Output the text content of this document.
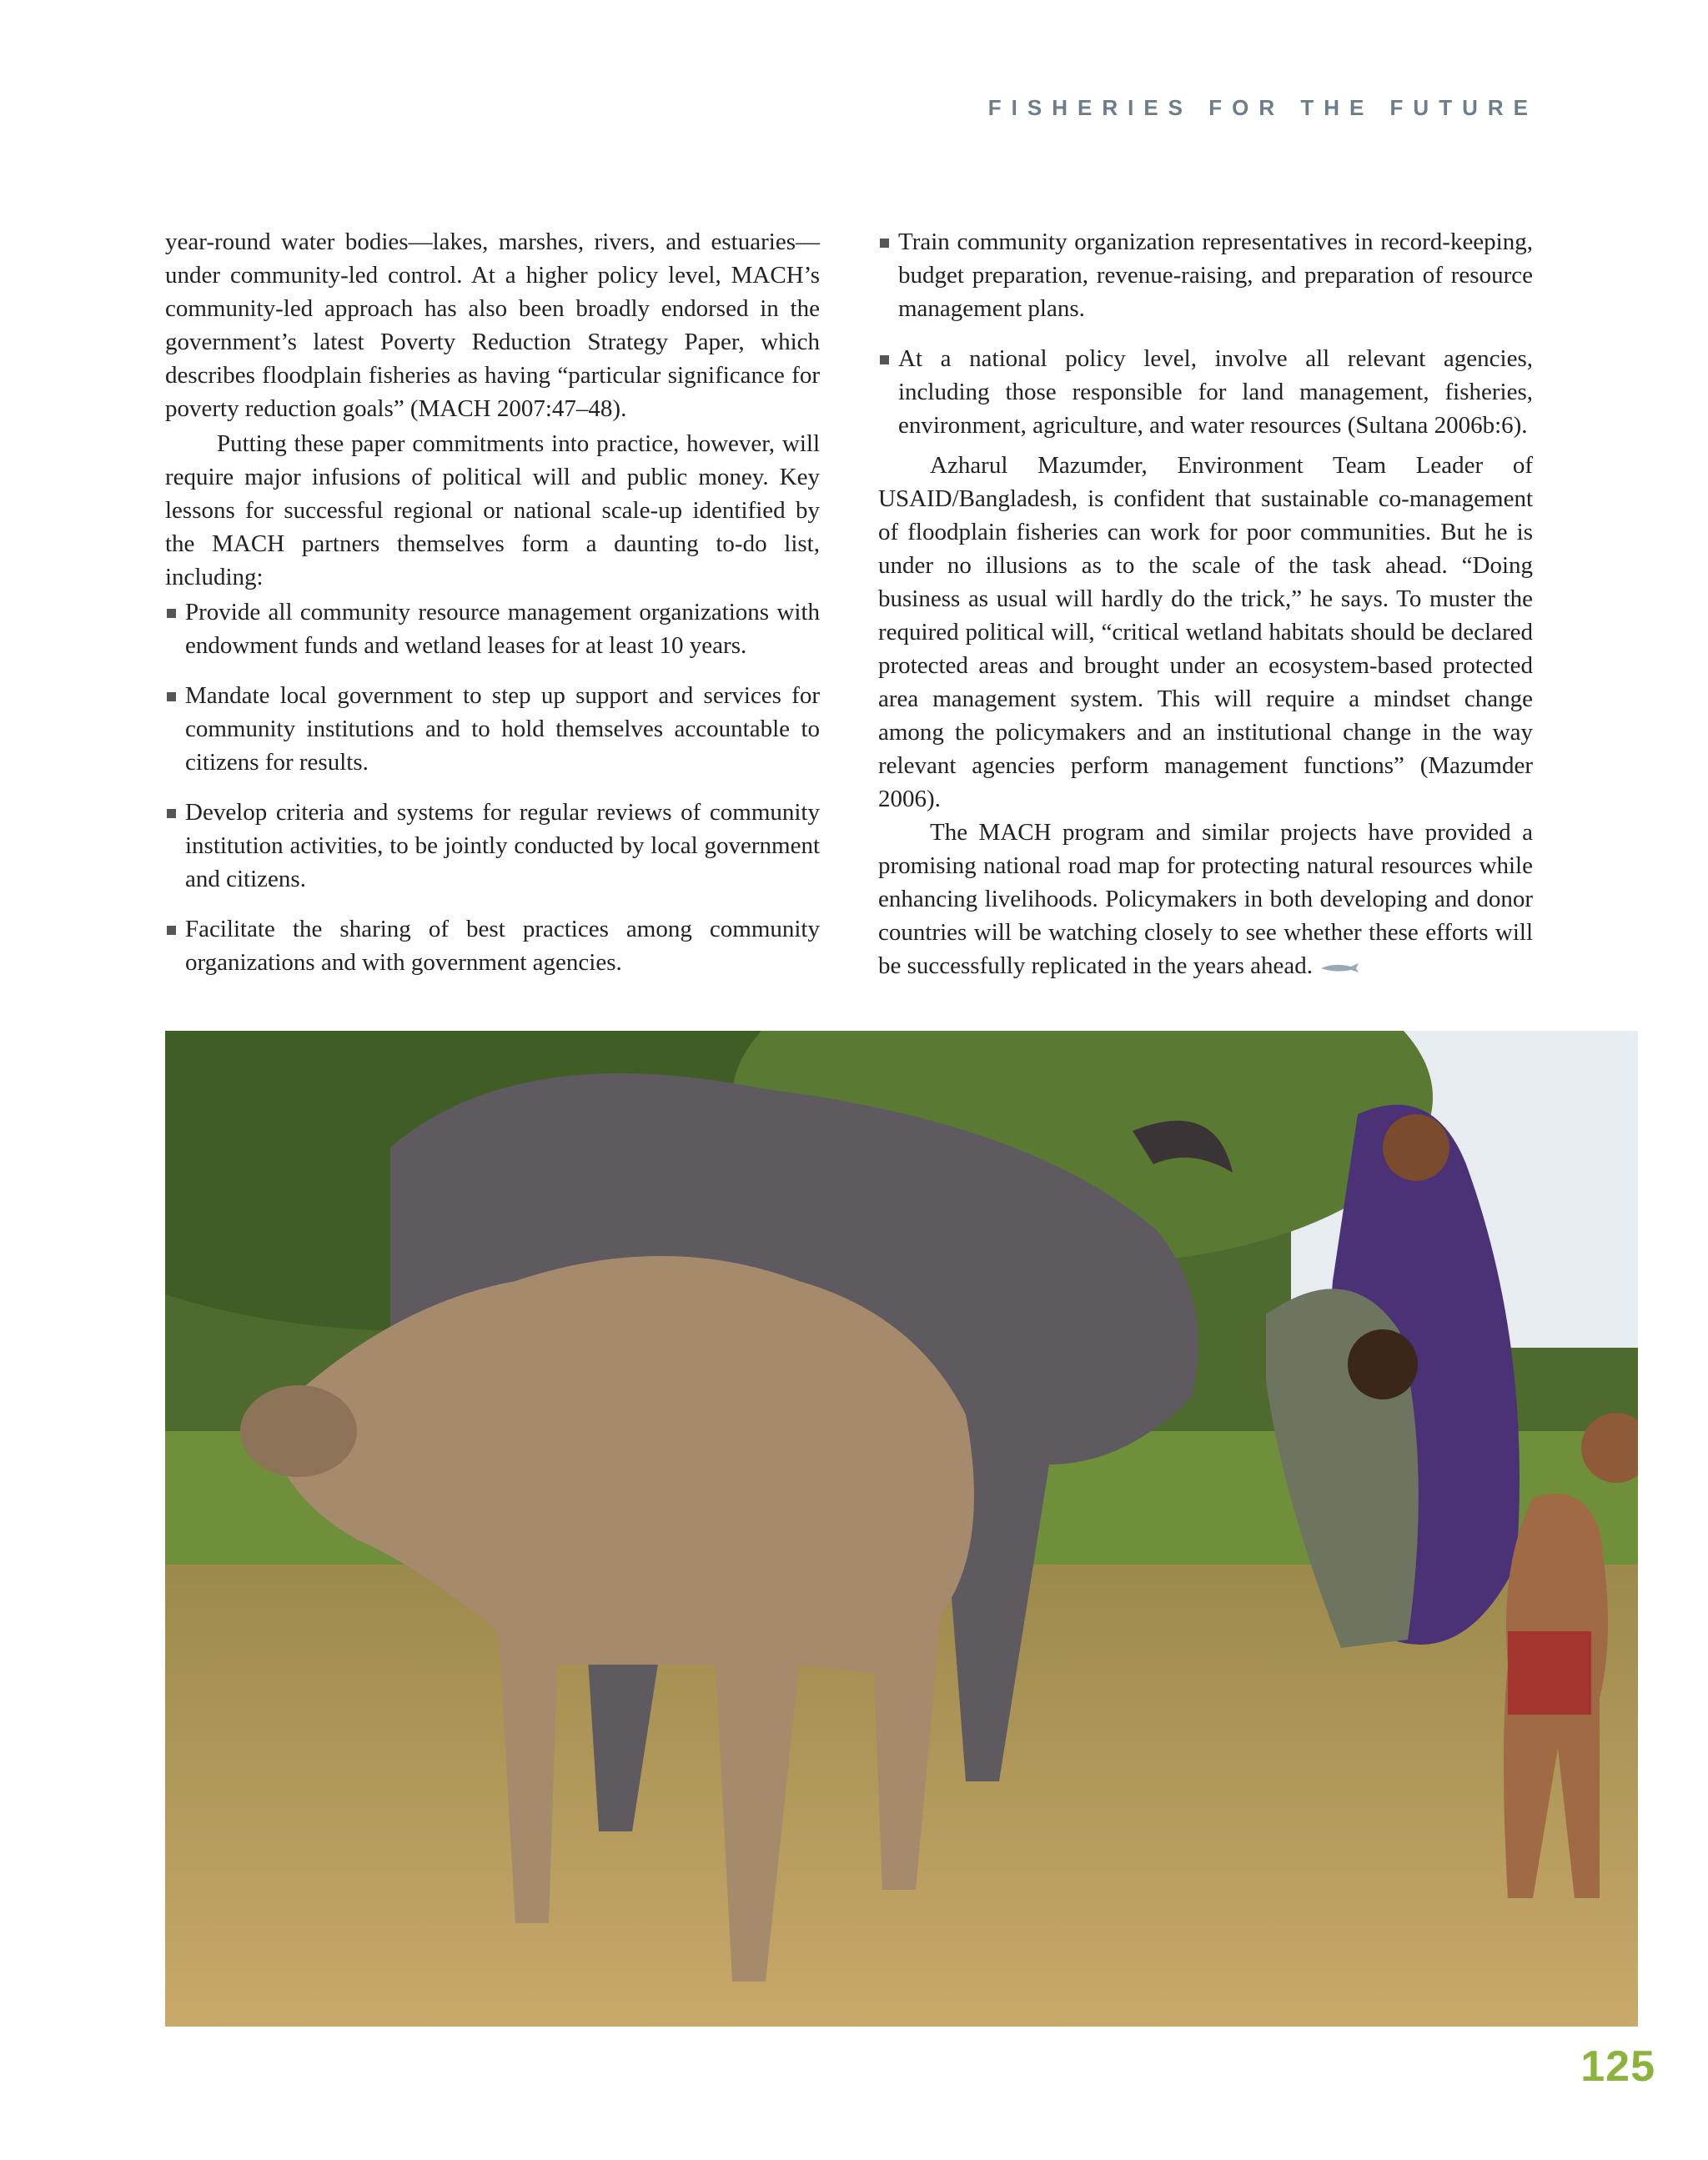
FISHERIES FOR THE FUTURE

year-round water bodies—lakes, marshes, rivers, and estuaries—under community-led control. At a higher policy level, MACH’s community-led approach has also been broadly endorsed in the government’s latest Poverty Reduction Strategy Paper, which describes floodplain fisheries as having “particular significance for poverty reduction goals” (MACH 2007:47–48).

Putting these paper commitments into practice, however, will require major infusions of political will and public money. Key lessons for successful regional or national scale-up identified by the MACH partners themselves form a daunting to-do list, including:

Provide all community resource management organizations with endowment funds and wetland leases for at least 10 years.
Mandate local government to step up support and services for community institutions and to hold themselves accountable to citizens for results.
Develop criteria and systems for regular reviews of community institution activities, to be jointly conducted by local government and citizens.
Facilitate the sharing of best practices among community organizations and with government agencies.
Train community organization representatives in record-keeping, budget preparation, revenue-raising, and preparation of resource management plans.
At a national policy level, involve all relevant agencies, including those responsible for land management, fisheries, environment, agriculture, and water resources (Sultana 2006b:6).

Azharul Mazumder, Environment Team Leader of USAID/Bangladesh, is confident that sustainable co-management of floodplain fisheries can work for poor communities. But he is under no illusions as to the scale of the task ahead. “Doing business as usual will hardly do the trick,” he says. To muster the required political will, “critical wetland habitats should be declared protected areas and brought under an ecosystem-based protected area management system. This will require a mindset change among the policymakers and an institutional change in the way relevant agencies perform management functions” (Mazumder 2006).

The MACH program and similar projects have provided a promising national road map for protecting natural resources while enhancing livelihoods. Policymakers in both developing and donor countries will be watching closely to see whether these efforts will be successfully replicated in the years ahead.

125
